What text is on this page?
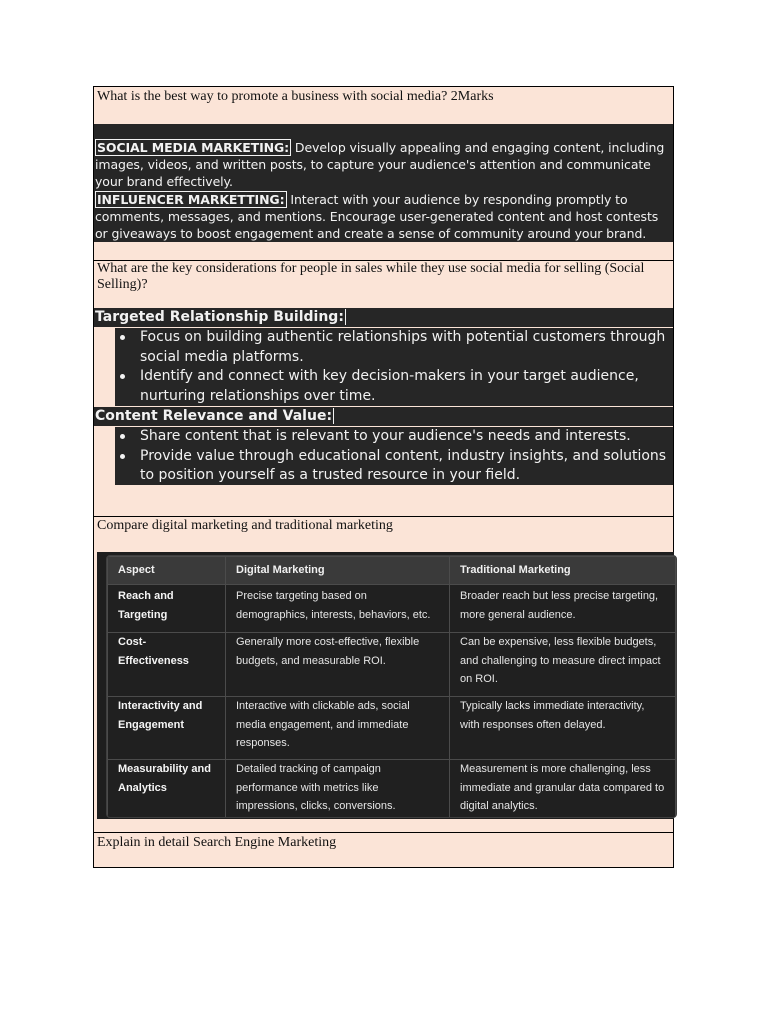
What is the best way to promote a business with social media? 2Marks

SOCIAL MEDIA MARKETING: Develop visually appealing and engaging content, including images, videos, and written posts, to capture your audience's attention and communicate your brand effectively.

INFLUENCER MARKETTING: Interact with your audience by responding promptly to comments, messages, and mentions. Encourage user-generated content and host contests or giveaways to boost engagement and create a sense of community around your brand.

What are the key considerations for people in sales while they use social media for selling (Social Selling)?
Targeted Relationship Building:
Focus on building authentic relationships with potential customers through social media platforms.
Identify and connect with key decision-makers in your target audience, nurturing relationships over time.
Content Relevance and Value:
Share content that is relevant to your audience's needs and interests.
Provide value through educational content, industry insights, and solutions to position yourself as a trusted resource in your field.
Compare digital marketing and traditional marketing
Aspect	Digital Marketing	Traditional Marketing
Reach and Targeting	Precise targeting based on demographics, interests, behaviors, etc.	Broader reach but less precise targeting, more general audience.
Cost-Effectiveness	Generally more cost-effective, flexible budgets, and measurable ROI.	Can be expensive, less flexible budgets, and challenging to measure direct impact on ROI.
Interactivity and Engagement	Interactive with clickable ads, social media engagement, and immediate responses.	Typically lacks immediate interactivity, with responses often delayed.
Measurability and Analytics	Detailed tracking of campaign performance with metrics like impressions, clicks, conversions.	Measurement is more challenging, less immediate and granular data compared to digital analytics.
Explain in detail Search Engine Marketing
